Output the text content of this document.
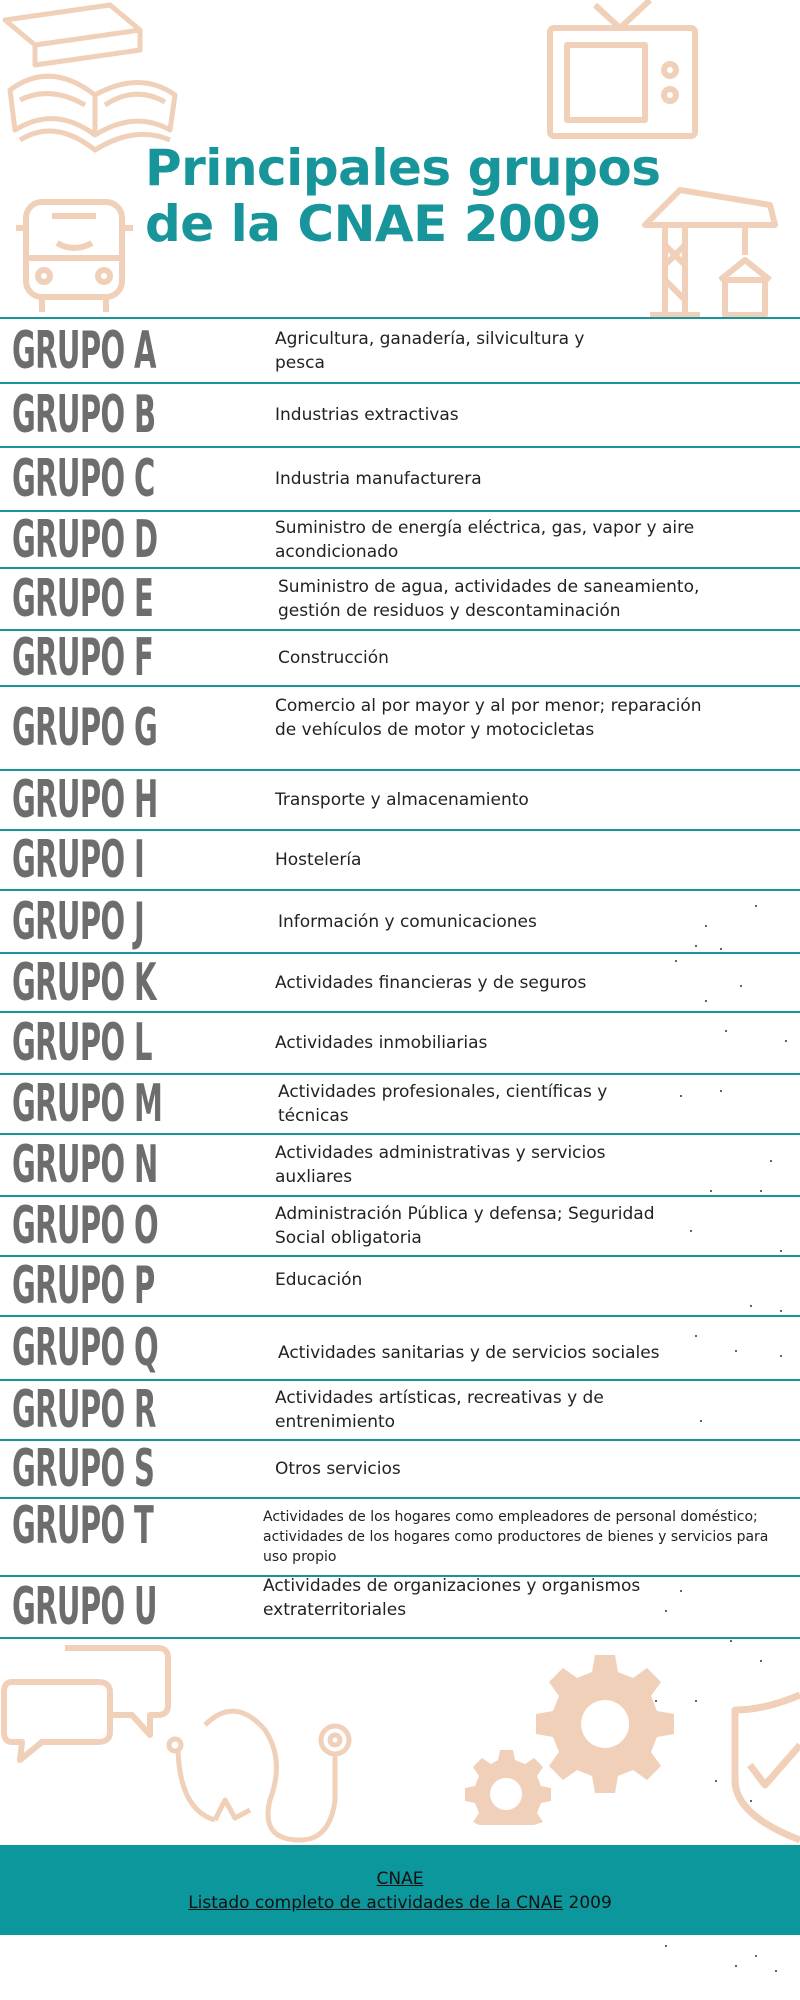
Principales grupos
de la CNAE 2009
GRUPO A	Agricultura, ganadería, silvicultura y pesca
GRUPO B	Industrias extractivas
GRUPO C	Industria manufacturera
GRUPO D	Suministro de energía eléctrica, gas, vapor y aire acondicionado
GRUPO E	Suministro de agua, actividades de saneamiento, gestión de residuos y descontaminación
GRUPO F	Construcción
GRUPO G	Comercio al por mayor y al por menor; reparación de vehículos de motor y motocicletas
GRUPO H	Transporte y almacenamiento
GRUPO I	Hostelería
GRUPO J	Información y comunicaciones
GRUPO K	Actividades financieras y de seguros
GRUPO L	Actividades inmobiliarias
GRUPO M	Actividades profesionales, científicas y técnicas
GRUPO N	Actividades administrativas y servicios auxliares
GRUPO O	Administración Pública y defensa; Seguridad Social obligatoria
GRUPO P	Educación
GRUPO Q	Actividades sanitarias y de servicios sociales
GRUPO R	Actividades artísticas, recreativas y de entrenimiento
GRUPO S	Otros servicios
GRUPO T	Actividades de los hogares como empleadores de personal doméstico; actividades de los hogares como productores de bienes y servicios para uso propio
GRUPO U	Actividades de organizaciones y organismos extraterritoriales
CNAE
Listado completo de actividades de la CNAE 2009
